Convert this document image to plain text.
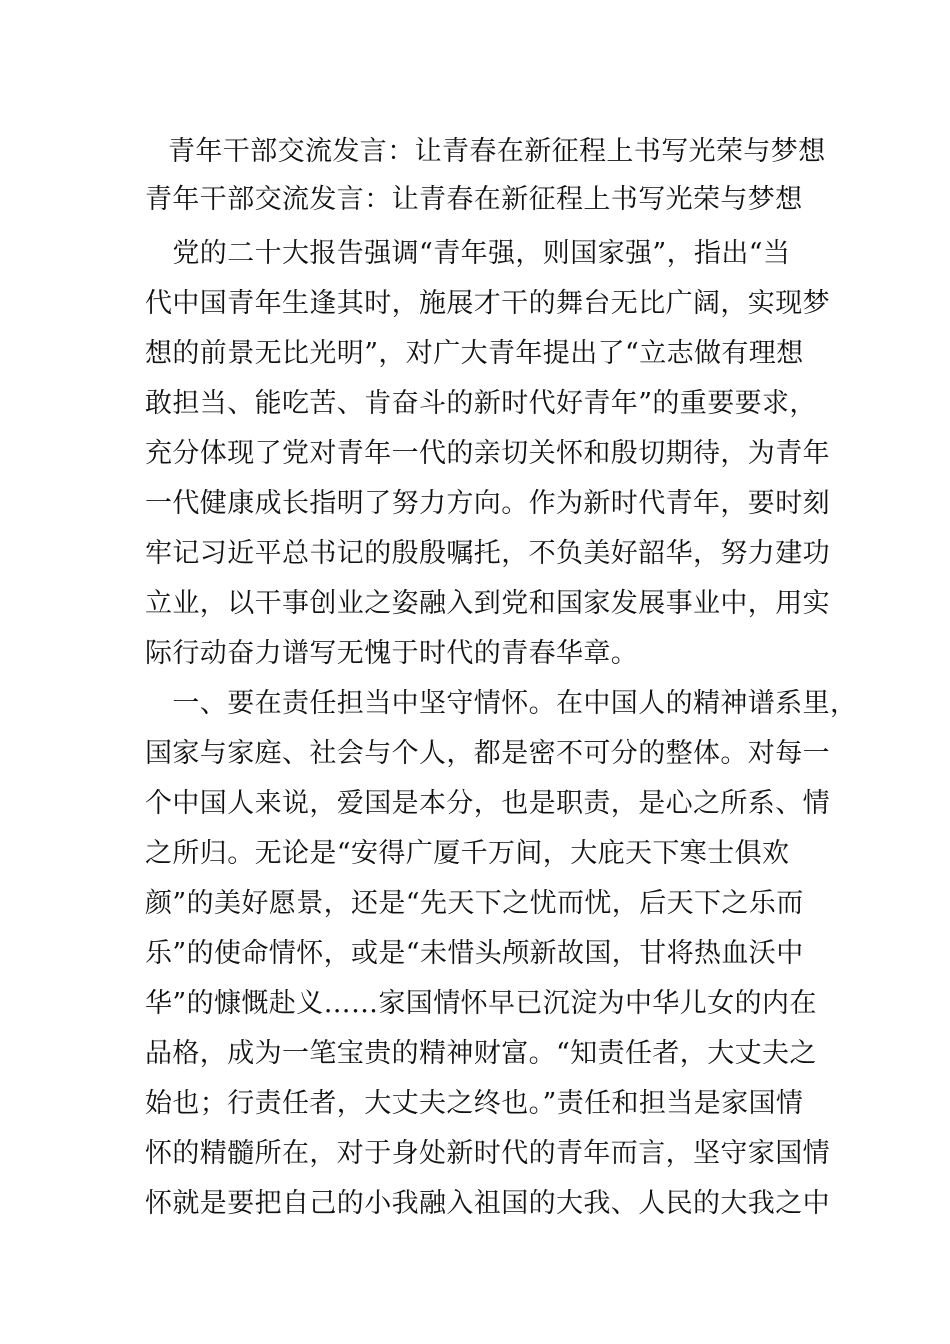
青年干部交流发言：让青春在新征程上书写光荣与梦想
青年干部交流发言：让青春在新征程上书写光荣与梦想
　党的二十大报告强调“青年强，则国家强”，指出“当
代中国青年生逢其时，施展才干的舞台无比广阔，实现梦
想的前景无比光明”，对广大青年提出了“立志做有理想
敢担当、能吃苦、肯奋斗的新时代好青年”的重要要求，
充分体现了党对青年一代的亲切关怀和殷切期待，为青年
一代健康成长指明了努力方向。作为新时代青年，要时刻
牢记习近平总书记的殷殷嘱托，不负美好韶华，努力建功
立业，以干事创业之姿融入到党和国家发展事业中，用实
际行动奋力谱写无愧于时代的青春华章。
　一、要在责任担当中坚守情怀。在中国人的精神谱系里，
国家与家庭、社会与个人，都是密不可分的整体。对每一
个中国人来说，爱国是本分，也是职责，是心之所系、情
之所归。无论是“安得广厦千万间，大庇天下寒士俱欢
颜”的美好愿景，还是“先天下之忧而忧，后天下之乐而
乐”的使命情怀，或是“未惜头颅新故国，甘将热血沃中
华”的慷慨赴义……家国情怀早已沉淀为中华儿女的内在
品格，成为一笔宝贵的精神财富。“知责任者，大丈夫之
始也；行责任者，大丈夫之终也。”责任和担当是家国情
怀的精髓所在，对于身处新时代的青年而言，坚守家国情
怀就是要把自己的小我融入祖国的大我、人民的大我之中
